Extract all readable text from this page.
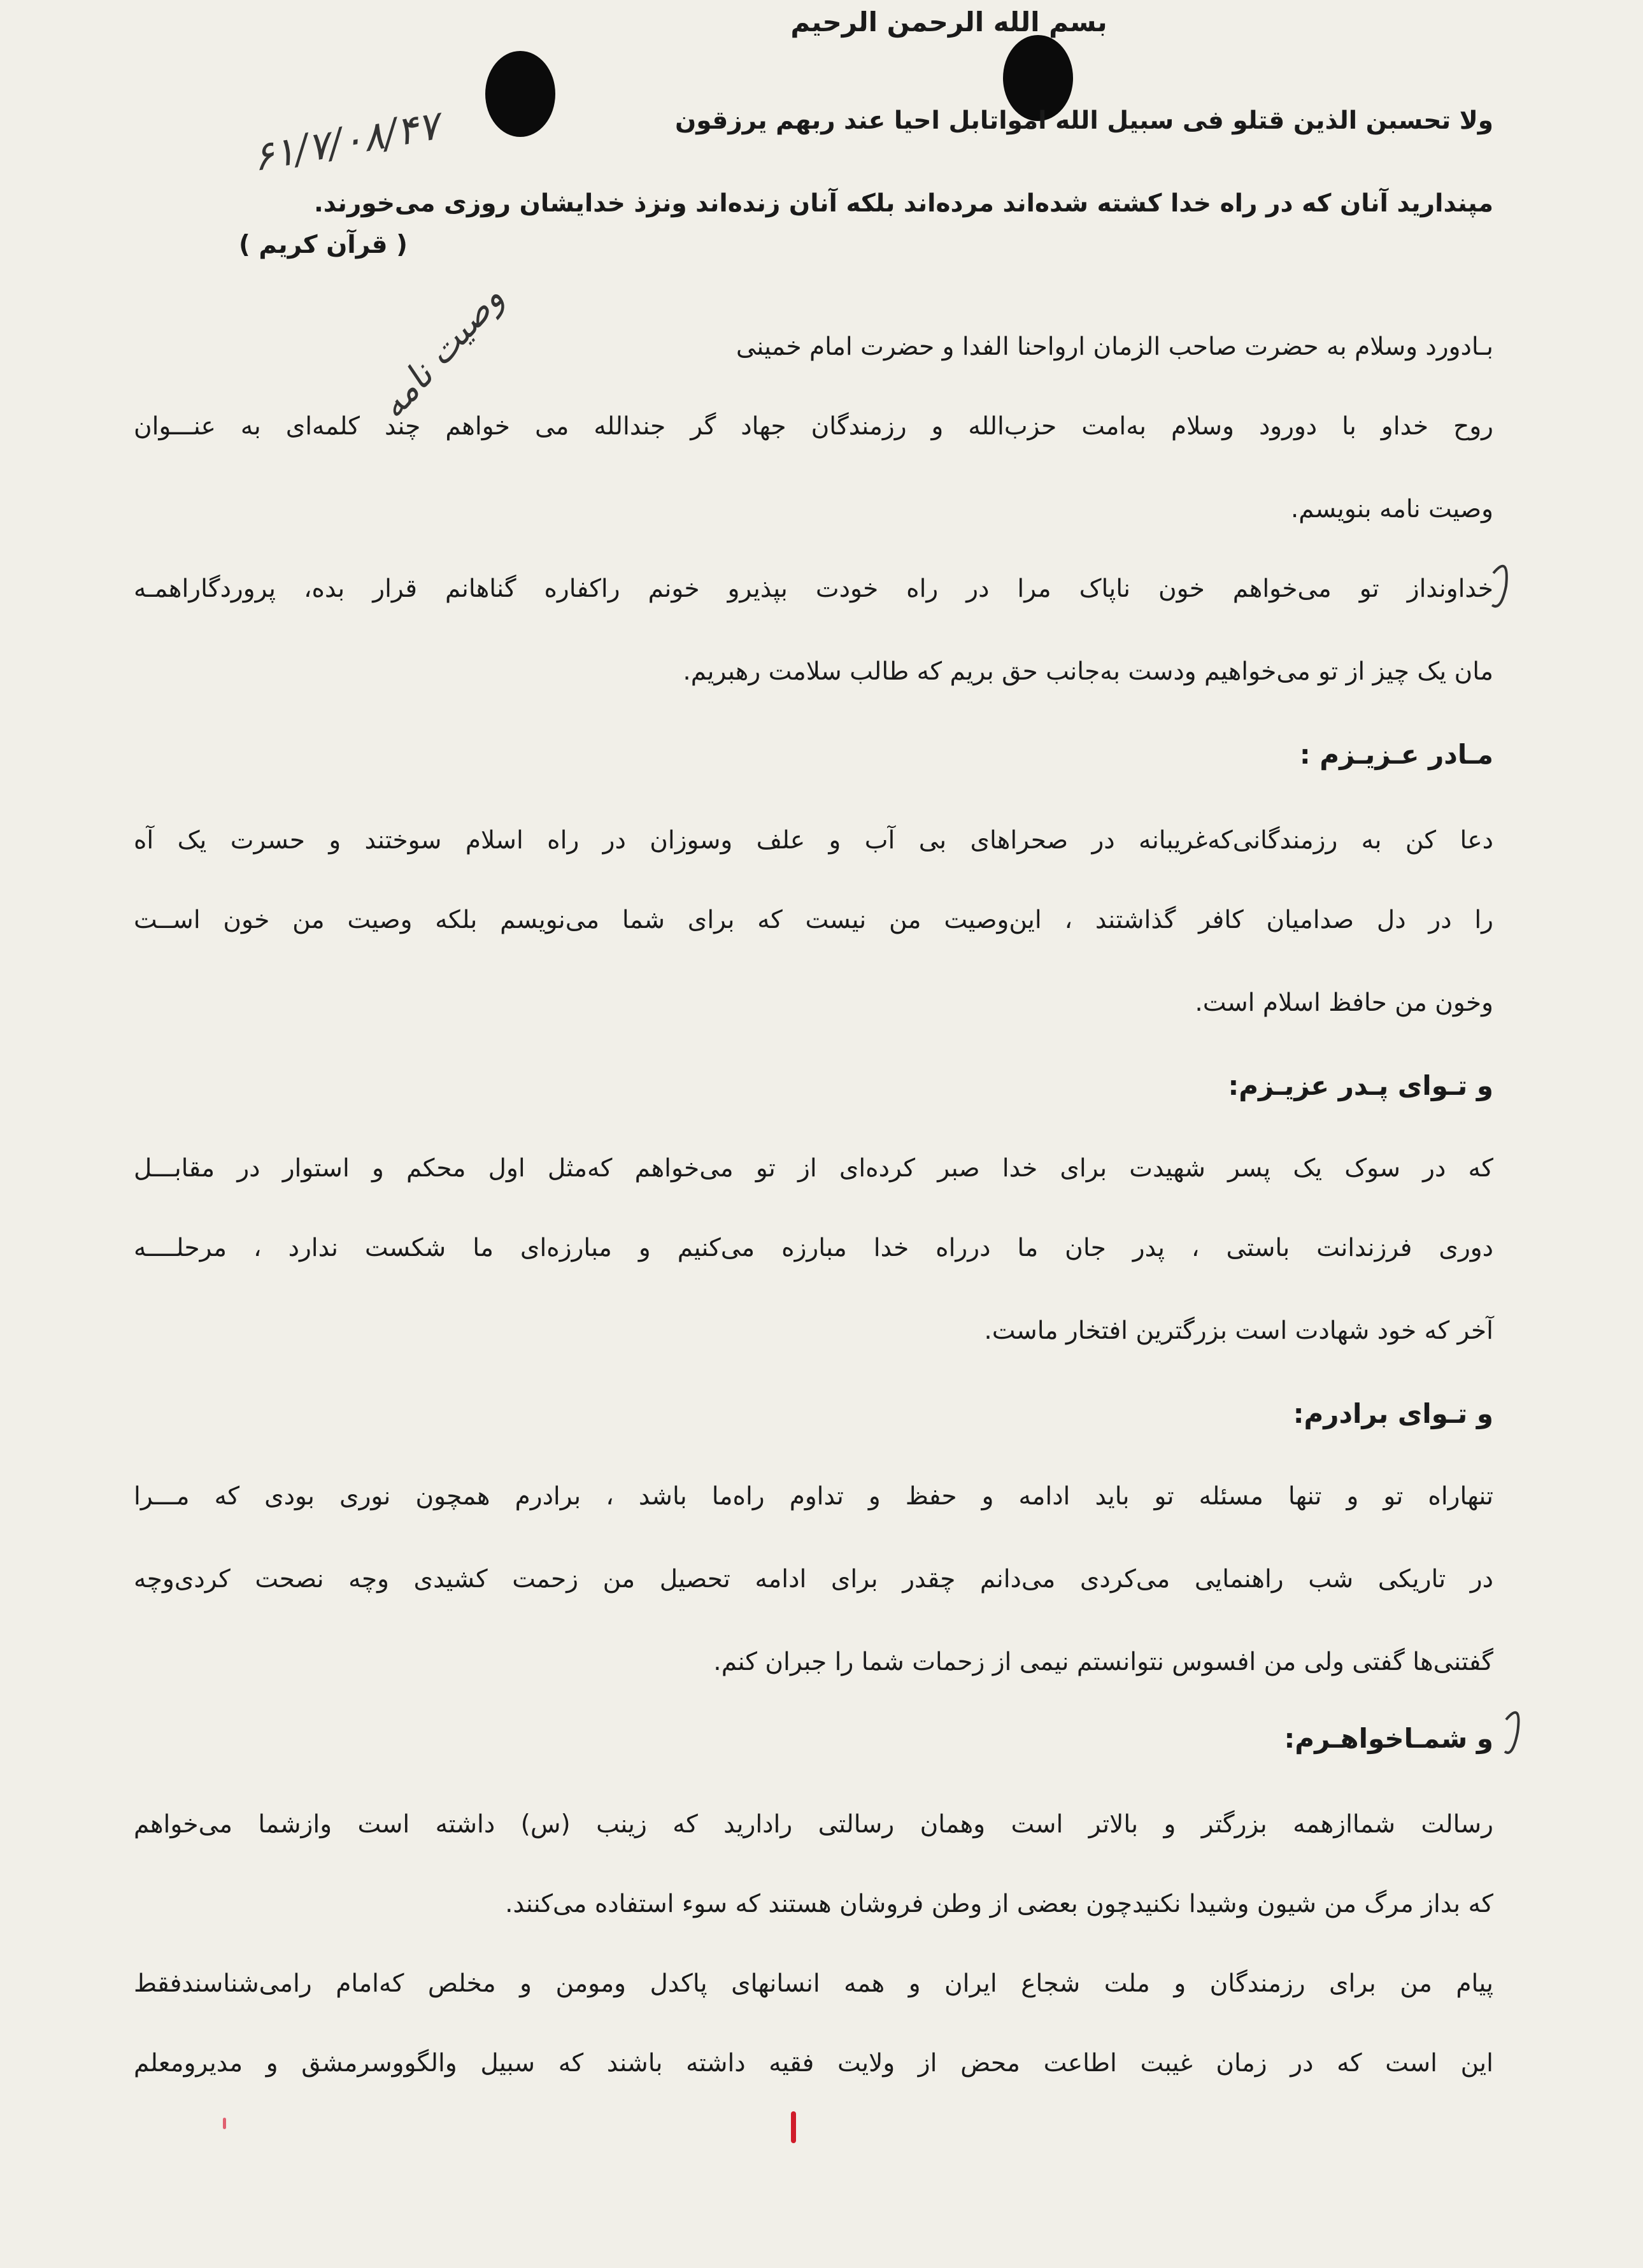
بسم الله الرحمن الرحيم
ولا تحسبن الذين قتلو فى سبيل الله امواتابل احيا عند ربهم يرزقون
مپندارید آنان که در راه خدا کشته شده‌اند مرده‌اند بلکه آنان زنده‌اند ونزذ خدایشان روزی می‌خورند.
( قرآن کریم )
۶۱/۷/۰۸/۴۷
وصیت نامه	بـادورد وسلام به حضرت صاحب الزمان ارواحنا الفدا و حضرت امام خمینی
روح خداو با دورود وسلام به‌امت حزب‌الله و رزمندگان جهاد گر جندالله می خواهم چند کلمه‌ای به عنـــوان
وصیت نامه بنویسم.
خداونداز تو می‌خواهم خون ناپاک مرا در راه خودت بپذیرو خونم راکفاره گناهانم قرار بده، پروردگاراهمـه
مان یک چیز از تو می‌خواهیم ودست به‌جانب حق بریم که طالب سلامت رهبریم.
مـادر عـزیـزم :
دعا کن به رزمندگانی‌که‌غریبانه در صحراهای بی آب و علف وسوزان در راه اسلام سوختند و حسرت یک آه
را در دل صدامیان کافر گذاشتند ، این‌وصیت من نیست که برای شما می‌نویسم بلکه وصیت من خون اســت
وخون من حافظ اسلام است.
و تـوای پـدر عزیـزم:
که در سوک یک پسر شهیدت برای خدا صبر کرده‌ای از تو می‌خواهم که‌مثل اول محکم و استوار در مقابـــل
دوری فرزندانت باستی ، پدر جان ما درراه خدا مبارزه می‌کنیم و مبارزه‌ای ما شکست ندارد ، مرحلــــه
آخر که خود شهادت است بزرگترین افتخار ماست.
و تـوای برادرم:
تنهاراه تو و تنها مسئله تو باید ادامه و حفظ و تداوم راه‌ما باشد ، برادرم همچون نوری بودی که مـــرا
در تاریکی شب راهنمایی می‌کردی می‌دانم چقدر برای ادامه تحصیل من زحمت کشیدی وچه نصحت کردی‌وچه
گفتنی‌ها گفتی ولی من افسوس نتوانستم نیمی از زحمات شما را جبران کنم.
و شمـاخواهـرم:
رسالت شماازهمه بزرگتر و بالاتر است وهمان رسالتی رادارید که زینب (س) داشته است وازشما می‌خواهم
که بداز مرگ من شیون وشیدا نکنیدچون بعضی از وطن فروشان هستند که سوء استفاده می‌کنند.
پیام من برای رزمندگان و ملت شجاع ایران و همه انسانهای پاکدل ومومن و مخلص که‌امام رامی‌شناسندفقط
این است که در زمان غیبت اطاعت محض از ولایت فقیه داشته باشند که سبیل والگووسرمشق و مدیرومعلم
